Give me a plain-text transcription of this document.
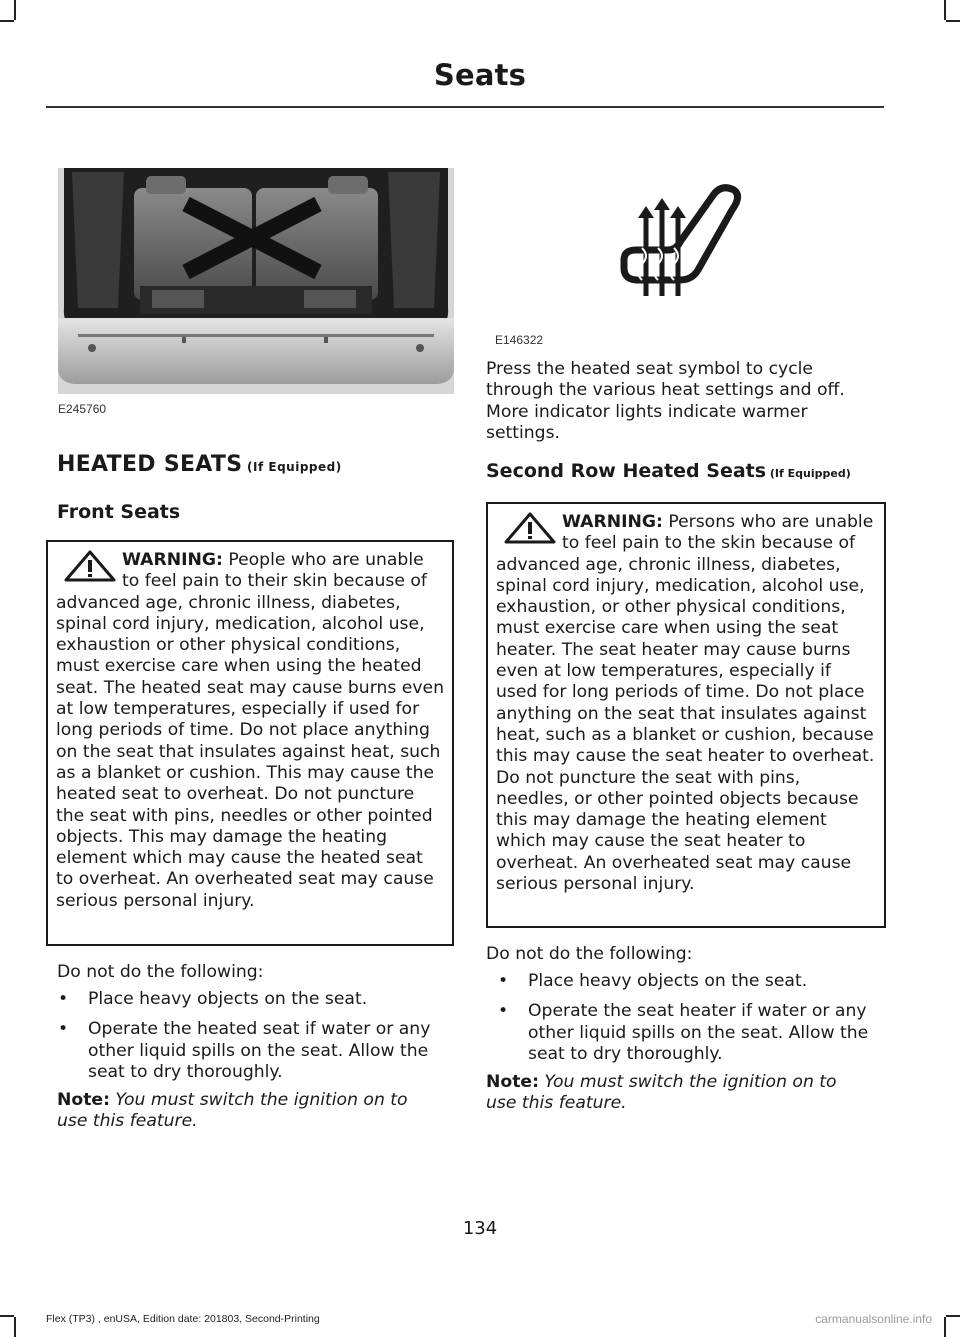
Seats
E245760
HEATED SEATS (If Equipped)
Front Seats
WARNING: People who are unable to feel pain to their skin because of advanced age, chronic illness, diabetes, spinal cord injury, medication, alcohol use, exhaustion or other physical conditions, must exercise care when using the heated seat. The heated seat may cause burns even at low temperatures, especially if used for long periods of time. Do not place anything on the seat that insulates against heat, such as a blanket or cushion. This may cause the heated seat to overheat. Do not puncture the seat with pins, needles or other pointed objects. This may damage the heating element which may cause the heated seat to overheat. An overheated seat may cause serious personal injury.
Do not do the following:
• Place heavy objects on the seat.
• Operate the heated seat if water or any other liquid spills on the seat. Allow the seat to dry thoroughly.
Note: You must switch the ignition on to use this feature.
E146322
Press the heated seat symbol to cycle through the various heat settings and off. More indicator lights indicate warmer settings.
Second Row Heated Seats (If Equipped)
WARNING: Persons who are unable to feel pain to the skin because of advanced age, chronic illness, diabetes, spinal cord injury, medication, alcohol use, exhaustion, or other physical conditions, must exercise care when using the seat heater. The seat heater may cause burns even at low temperatures, especially if used for long periods of time. Do not place anything on the seat that insulates against heat, such as a blanket or cushion, because this may cause the seat heater to overheat. Do not puncture the seat with pins, needles, or other pointed objects because this may damage the heating element which may cause the seat heater to overheat. An overheated seat may cause serious personal injury.
Do not do the following:
• Place heavy objects on the seat.
• Operate the seat heater if water or any other liquid spills on the seat. Allow the seat to dry thoroughly.
Note: You must switch the ignition on to use this feature.
134
Flex (TP3) , enUSA, Edition date: 201803, Second-Printing	carmanualsonline.info
